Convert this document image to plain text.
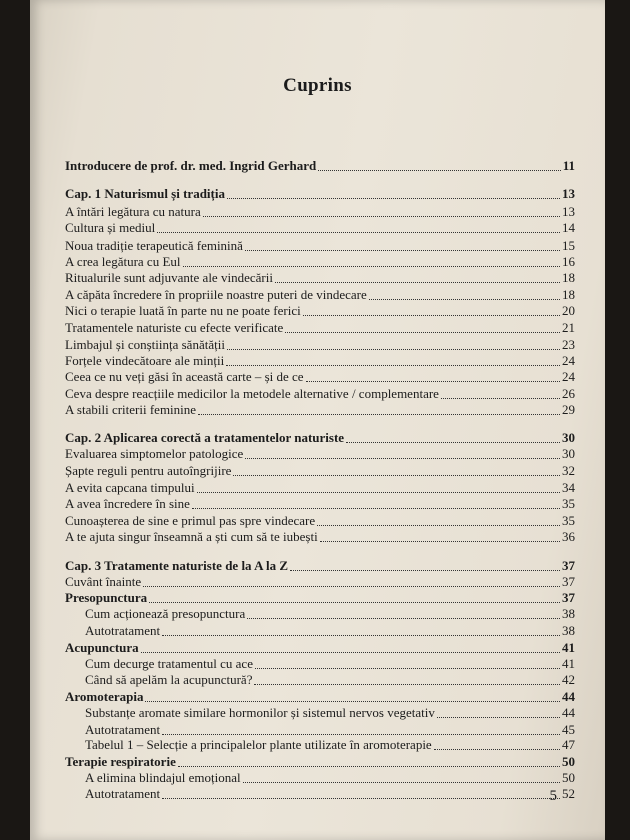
Cuprins
Introducere de prof. dr. med. Ingrid Gerhard	11
Cap. 1 Naturismul și tradiția	13
A întări legătura cu natura	13
Cultura și mediul	14
Noua tradiție terapeutică feminină	15
A crea legătura cu Eul	16
Ritualurile sunt adjuvante ale vindecării	18
A căpăta încredere în propriile noastre puteri de vindecare	18
Nici o terapie luată în parte nu ne poate ferici	20
Tratamentele naturiste cu efecte verificate	21
Limbajul și conștiința sănătății	23
Forțele vindecătoare ale minții	24
Ceea ce nu veți găsi în această carte – și de ce	24
Ceva despre reacțiile medicilor la metodele alternative / complementare	26
A stabili criterii feminine	29
Cap. 2 Aplicarea corectă a tratamentelor naturiste	30
Evaluarea simptomelor patologice	30
Șapte reguli pentru autoîngrijire	32
A evita capcana timpului	34
A avea încredere în sine	35
Cunoașterea de sine e primul pas spre vindecare	35
A te ajuta singur înseamnă a ști cum să te iubești	36
Cap. 3 Tratamente naturiste de la A la Z	37
Cuvânt înainte	37
Presopunctura	37
Cum acționează presopunctura	38
Autotratament	38
Acupunctura	41
Cum decurge tratamentul cu ace	41
Când să apelăm la acupunctură?	42
Aromoterapia	44
Substanțe aromate similare hormonilor și sistemul nervos vegetativ	44
Autotratament	45
Tabelul 1 – Selecție a principalelor plante utilizate în aromoterapie	47
Terapie respiratorie	50
A elimina blindajul emoțional	50
Autotratament	52
5
